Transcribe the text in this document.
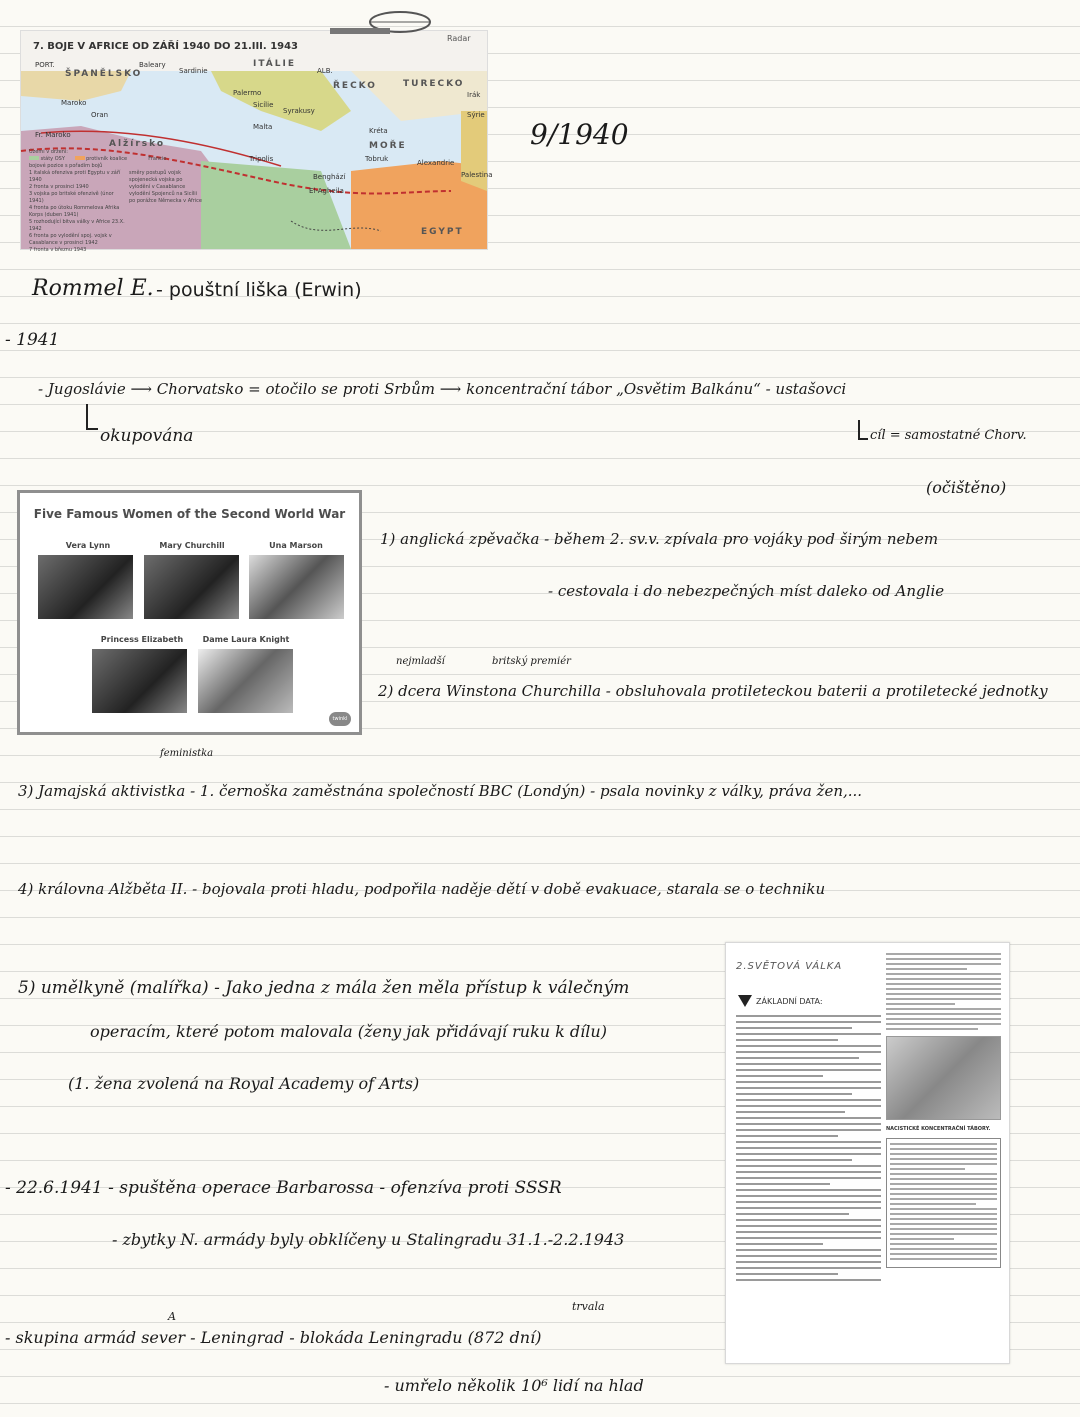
7. BOJE V AFRICE OD ZÁŘÍ 1940 DO 21.III. 1943
PORT.
ŠPANĚLSKO
Baleary
Sardinie
ITÁLIE
ALB.
ŘECKO	TURECKO
Palermo
Sicílie
Syrakusy
Malta
Tripolis
Benghází
El-Agheila
Tobruk	Alexandrie
EGYPT
Maroko
Alžírsko
Fr. Maroko
Oran
Kréta
MOŘE
Palestina
Sýrie
Irák
Území v držení:
státy OSY	protivník koalice	Francie
bojové pozice s pořadím bojů
1 italská ofenziva proti Egyptu v září 1940
2 fronta v prosinci 1940
3 vojska po britské ofenzivě (únor 1941)
4 fronta po útoku Rommelova Afrika Korps (duben 1941)
5 rozhodující bitva války v Africe 23.X. 1942
6 fronta po vylodění spoj. vojsk v Casablance v prosinci 1942
7 fronta v březnu 1943
směry postupů vojsk
spojenecká vojska po vylodění v Casablance
vylodění Spojenců na Sicílii po porážce Německa v Africe
Radar
9/1940
Rommel E. - pouštní liška (Erwin)
- 1941
- Jugoslávie ⟶ Chorvatsko = otočilo se proti Srbům ⟶ koncentrační tábor „Osvětim Balkánu“ - ustašovci
okupována	cíl = samostatné Chorv.
(očištěno)
Five Famous Women of the Second World War
Vera Lynn	Mary Churchill	Una Marson
Princess Elizabeth	Dame Laura Knight
twinkl
1) anglická zpěvačka - během 2. sv.v. zpívala pro vojáky pod širým nebem
- cestovala i do nebezpečných míst daleko od Anglie
nejmladší	britský premiér
2) dcera Winstona Churchilla - obsluhovala protileteckou baterii a protiletecké jednotky
feministka
3) Jamajská aktivistka - 1. černoška zaměstnána společností BBC (Londýn) - psala novinky z války, práva žen,...
4) královna Alžběta II. - bojovala proti hladu, podpořila naděje dětí v době evakuace, starala se o techniku
5) umělkyně (malířka) - Jako jedna z mála žen měla přístup k válečným
operacím, které potom malovala (ženy jak přidávají ruku k dílu)
(1. žena zvolená na Royal Academy of Arts)
- 22.6.1941 - spuštěna operace Barbarossa - ofenzíva proti SSSR
- zbytky N. armády byly obklíčeny u Stalingradu 31.1.-2.2.1943
A
trvala
- skupina armád sever - Leningrad - blokáda Leningradu (872 dní)
- umřelo několik 10⁶ lidí na hlad
2.SVĚTOVÁ VÁLKA
ZÁKLADNÍ DATA:
NACISTICKÉ KONCENTRAČNÍ TÁBORY.
